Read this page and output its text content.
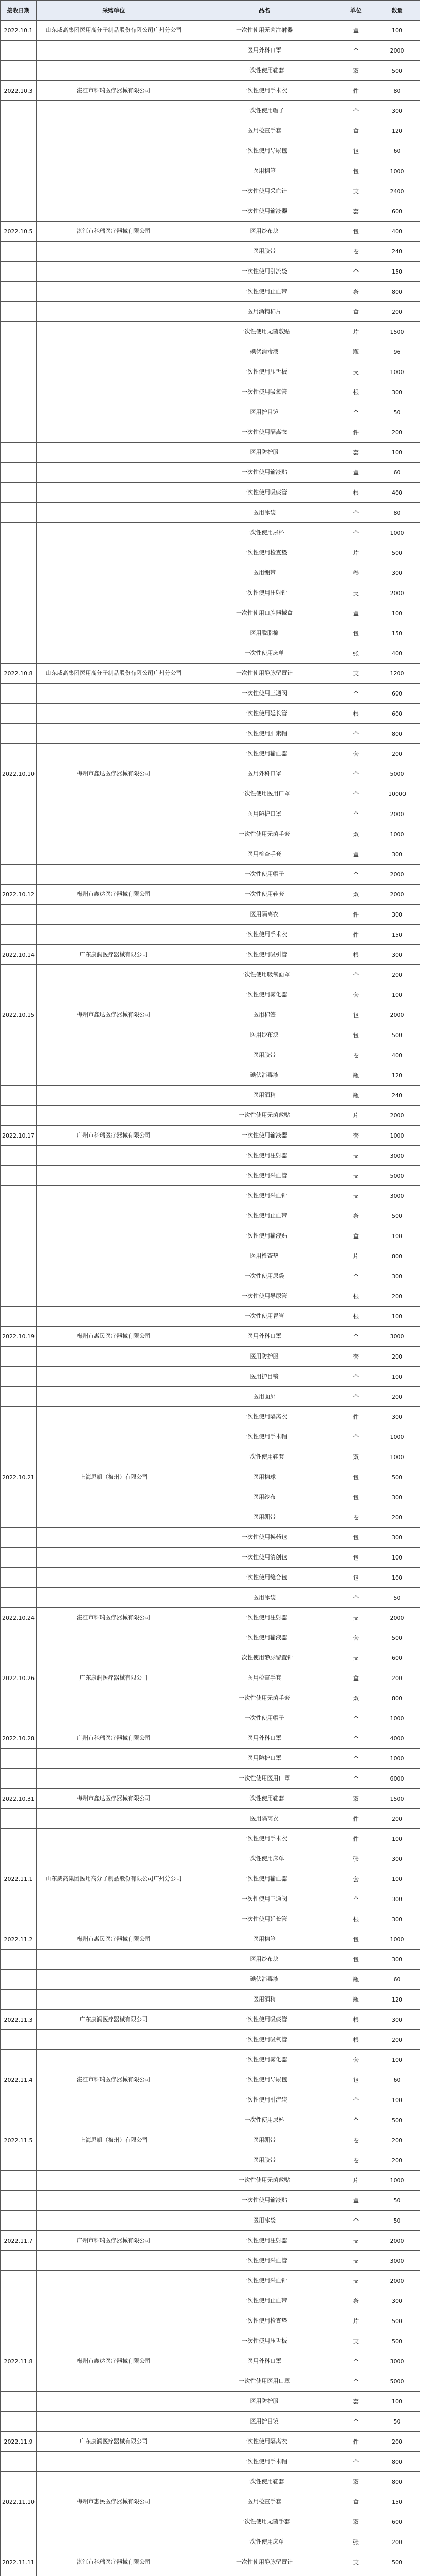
接收日期	采购单位	品名	单位	数量
2022.10.1	山东威高集团医用高分子制品股份有限公司广州分公司	一次性使用无菌注射器	盒	100
		医用外科口罩	个	2000
		一次性使用鞋套	双	500
2022.10.3	湛江市科瑞医疗器械有限公司	一次性使用手术衣	件	80
		一次性使用帽子	个	300
		医用检查手套	盒	120
		一次性使用导尿包	包	60
		医用棉签	包	1000
		一次性使用采血针	支	2400
		一次性使用输液器	套	600
2022.10.5	湛江市科瑞医疗器械有限公司	医用纱布块	包	400
		医用胶带	卷	240
		一次性使用引流袋	个	150
		一次性使用止血带	条	800
		医用酒精棉片	盒	200
		一次性使用无菌敷贴	片	1500
		碘伏消毒液	瓶	96
		一次性使用压舌板	支	1000
		一次性使用吸氧管	根	300
		医用护目镜	个	50
		一次性使用隔离衣	件	200
		医用防护服	套	100
		一次性使用输液贴	盒	60
		一次性使用吸痰管	根	400
		医用冰袋	个	80
		一次性使用尿杯	个	1000
		一次性使用检查垫	片	500
		医用绷带	卷	300
		一次性使用注射针	支	2000
		一次性使用口腔器械盒	盒	100
		医用脱脂棉	包	150
		一次性使用床单	张	400
2022.10.8	山东威高集团医用高分子制品股份有限公司广州分公司	一次性使用静脉留置针	支	1200
		一次性使用三通阀	个	600
		一次性使用延长管	根	600
		一次性使用肝素帽	个	800
		一次性使用输血器	套	200
2022.10.10	梅州市鑫达医疗器械有限公司	医用外科口罩	个	5000
		一次性使用医用口罩	个	10000
		医用防护口罩	个	2000
		一次性使用无菌手套	双	1000
		医用检查手套	盒	300
		一次性使用帽子	个	2000
2022.10.12	梅州市鑫达医疗器械有限公司	一次性使用鞋套	双	2000
		医用隔离衣	件	300
		一次性使用手术衣	件	150
2022.10.14	广东康润医疗器械有限公司	一次性使用吸引管	根	300
		一次性使用吸氧面罩	个	200
		一次性使用雾化器	套	100
2022.10.15	梅州市鑫达医疗器械有限公司	医用棉签	包	2000
		医用纱布块	包	500
		医用胶带	卷	400
		碘伏消毒液	瓶	120
		医用酒精	瓶	240
		一次性使用无菌敷贴	片	2000
2022.10.17	广州市科瑞医疗器械有限公司	一次性使用输液器	套	1000
		一次性使用注射器	支	3000
		一次性使用采血管	支	5000
		一次性使用采血针	支	3000
		一次性使用止血带	条	500
		一次性使用输液贴	盒	100
		医用检查垫	片	800
		一次性使用尿袋	个	300
		一次性使用导尿管	根	200
		一次性使用胃管	根	100
2022.10.19	梅州市惠民医疗器械有限公司	医用外科口罩	个	3000
		医用防护服	套	200
		医用护目镜	个	100
		医用面屏	个	200
		一次性使用隔离衣	件	300
		一次性使用手术帽	个	1000
		一次性使用鞋套	双	1000
2022.10.21	上海思凯（梅州）有限公司	医用棉球	包	500
		医用纱布	包	300
		医用绷带	卷	200
		一次性使用换药包	包	300
		一次性使用清创包	包	100
		一次性使用缝合包	包	100
		医用冰袋	个	50
2022.10.24	湛江市科瑞医疗器械有限公司	一次性使用注射器	支	2000
		一次性使用输液器	套	500
		一次性使用静脉留置针	支	600
2022.10.26	广东康润医疗器械有限公司	医用检查手套	盒	200
		一次性使用无菌手套	双	800
		一次性使用帽子	个	1000
2022.10.28	广州市科瑞医疗器械有限公司	医用外科口罩	个	4000
		医用防护口罩	个	1000
		一次性使用医用口罩	个	6000
2022.10.31	梅州市鑫达医疗器械有限公司	一次性使用鞋套	双	1500
		医用隔离衣	件	200
		一次性使用手术衣	件	100
		一次性使用床单	张	300
2022.11.1	山东威高集团医用高分子制品股份有限公司广州分公司	一次性使用输血器	套	100
		一次性使用三通阀	个	300
		一次性使用延长管	根	300
2022.11.2	梅州市惠民医疗器械有限公司	医用棉签	包	1000
		医用纱布块	包	300
		碘伏消毒液	瓶	60
		医用酒精	瓶	120
2022.11.3	广东康润医疗器械有限公司	一次性使用吸痰管	根	300
		一次性使用吸氧管	根	200
		一次性使用雾化器	套	100
2022.11.4	湛江市科瑞医疗器械有限公司	一次性使用导尿包	包	60
		一次性使用引流袋	个	100
		一次性使用尿杯	个	500
2022.11.5	上海思凯（梅州）有限公司	医用绷带	卷	200
		医用胶带	卷	200
		一次性使用无菌敷贴	片	1000
		一次性使用输液贴	盒	50
		医用冰袋	个	50
2022.11.7	广州市科瑞医疗器械有限公司	一次性使用注射器	支	2000
		一次性使用采血管	支	3000
		一次性使用采血针	支	2000
		一次性使用止血带	条	300
		一次性使用检查垫	片	500
		一次性使用压舌板	支	500
2022.11.8	梅州市鑫达医疗器械有限公司	医用外科口罩	个	3000
		一次性使用医用口罩	个	5000
		医用防护服	套	100
		医用护目镜	个	50
2022.11.9	广东康润医疗器械有限公司	一次性使用隔离衣	件	200
		一次性使用手术帽	个	800
		一次性使用鞋套	双	800
2022.11.10	梅州市惠民医疗器械有限公司	医用检查手套	盒	150
		一次性使用无菌手套	双	600
		一次性使用床单	张	200
2022.11.11	湛江市科瑞医疗器械有限公司	一次性使用静脉留置针	支	500
